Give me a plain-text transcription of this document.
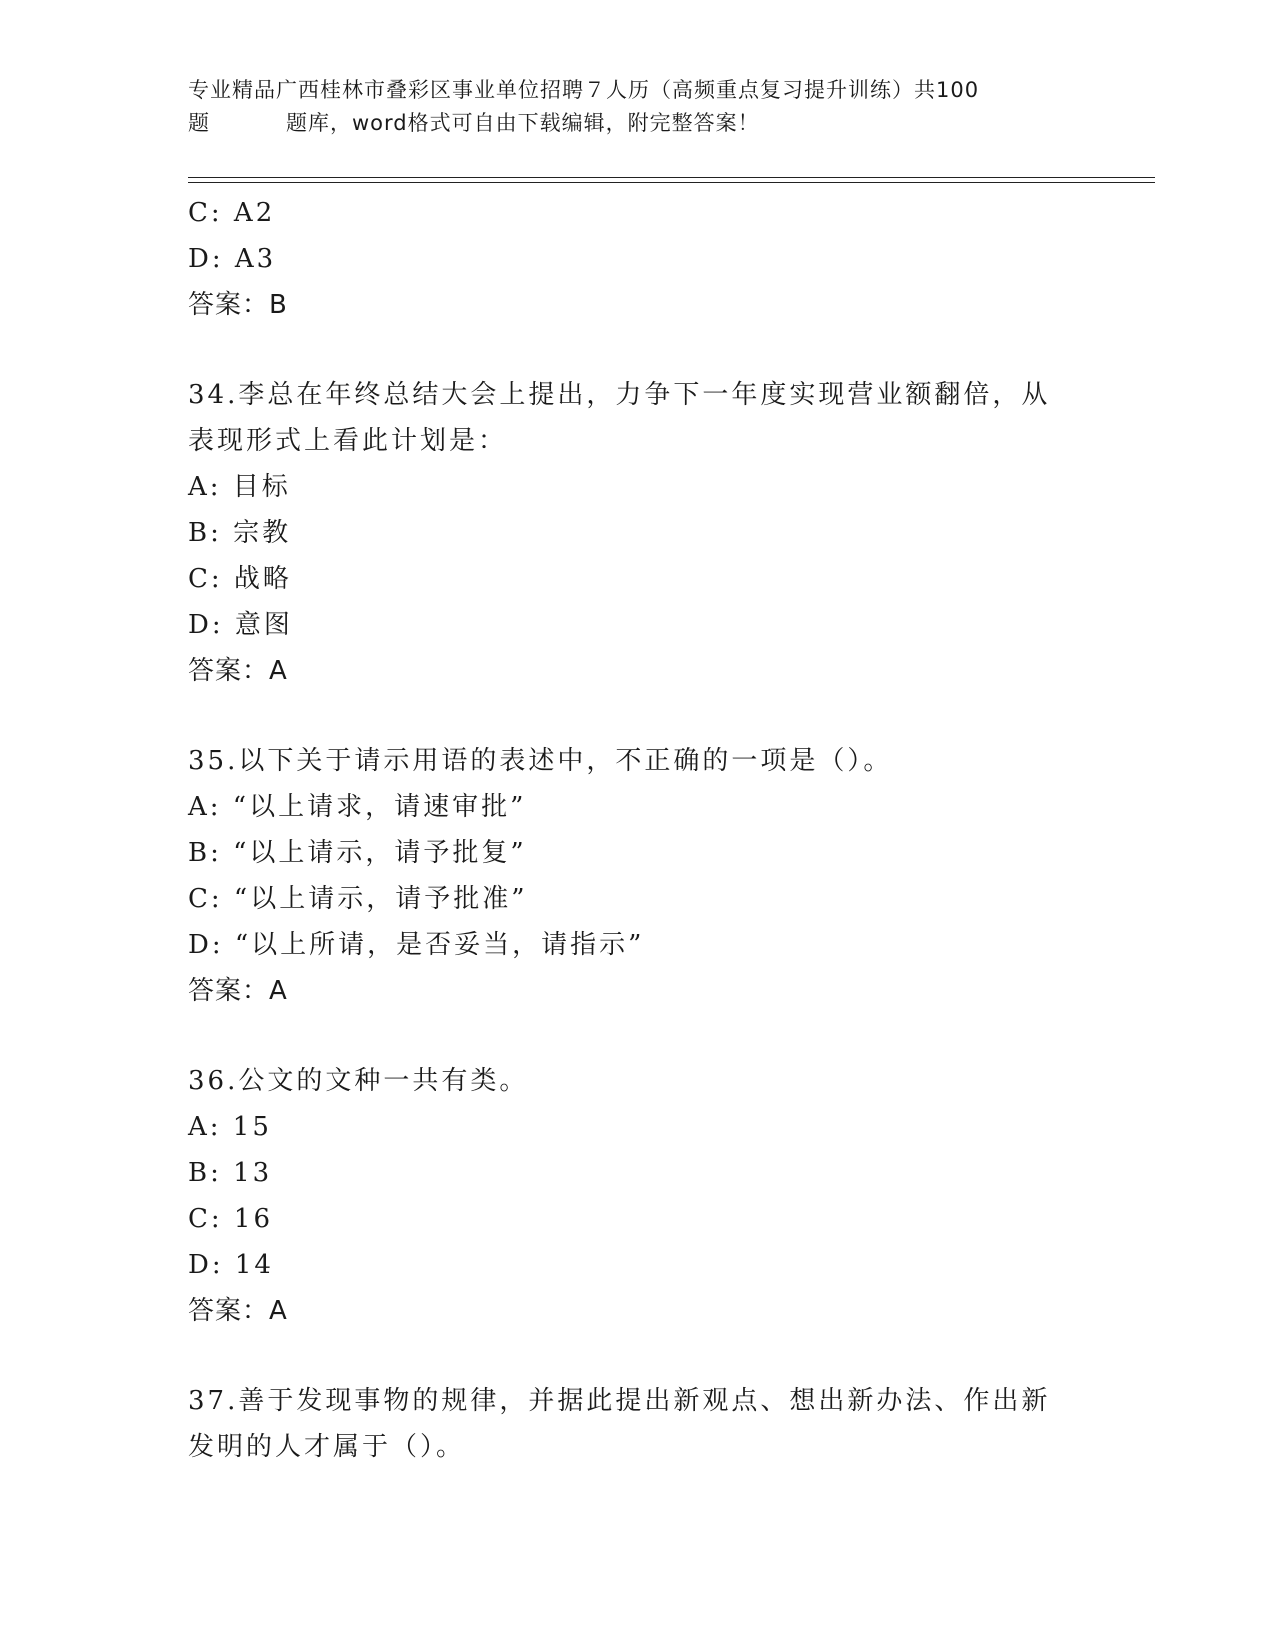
专业精品广西桂林市叠彩区事业单位招聘７人历（高频重点复习提升训练）共100
题	题库，word格式可自由下载编辑，附完整答案！
C: A2
D: A3
答案：B
34.李总在年终总结大会上提出，力争下一年度实现营业额翻倍，从表现形式上看此计划是：
A: 目标
B: 宗教
C: 战略
D: 意图
答案：A
35.以下关于请示用语的表述中，不正确的一项是（）。
A: “以上请求，请速审批”
B: “以上请示，请予批复”
C: “以上请示，请予批准”
D: “以上所请，是否妥当，请指示”
答案：A
36.公文的文种一共有类。
A: 15
B: 13
C: 16
D: 14
答案：A
37.善于发现事物的规律，并据此提出新观点、想出新办法、作出新发明的人才属于（）。
